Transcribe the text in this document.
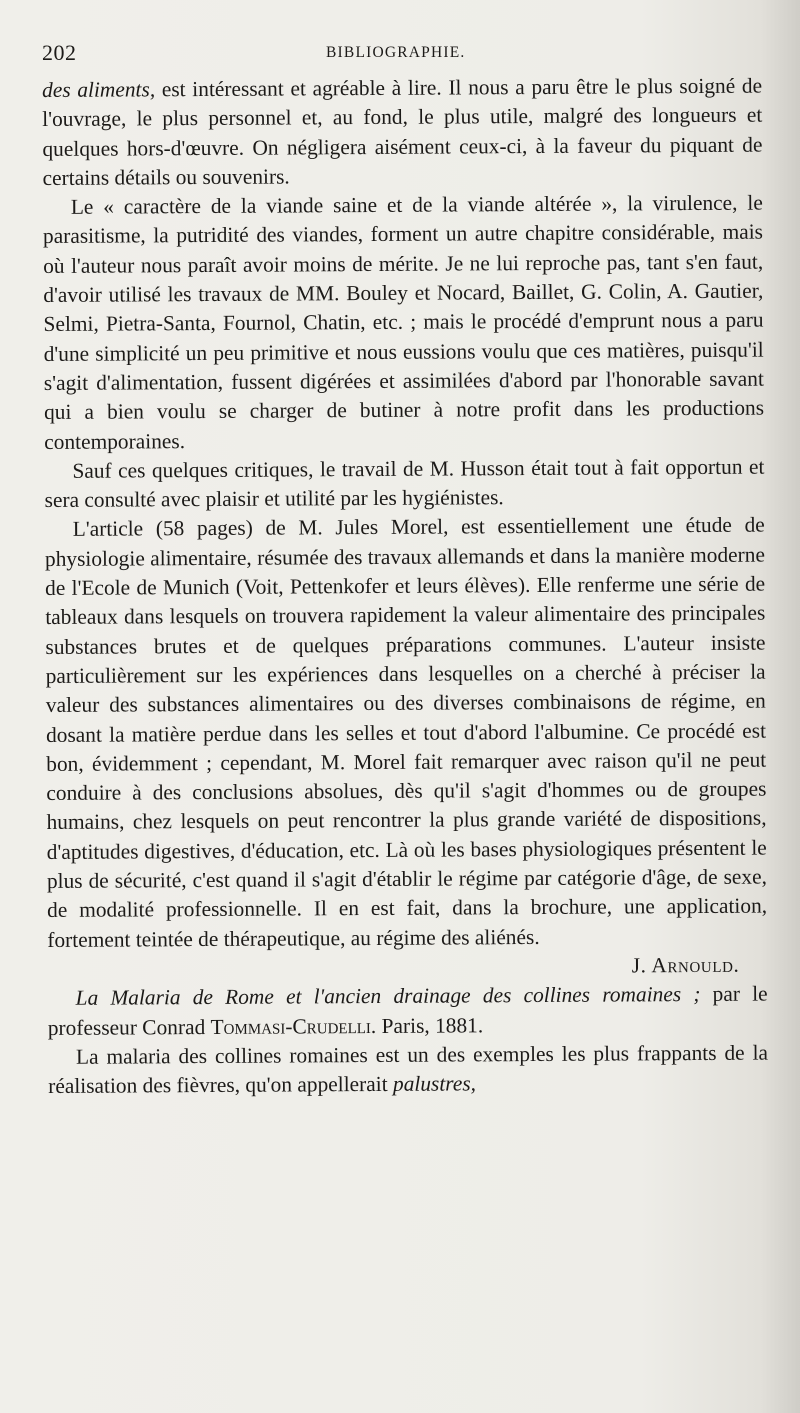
202	BIBLIOGRAPHIE.

des aliments, est intéressant et agréable à lire. Il nous a paru être le plus soigné de l'ouvrage, le plus personnel et, au fond, le plus utile, malgré des longueurs et quelques hors-d'œuvre. On négligera aisément ceux-ci, à la faveur du piquant de certains détails ou souvenirs.

Le « caractère de la viande saine et de la viande altérée », la virulence, le parasitisme, la putridité des viandes, forment un autre chapitre considérable, mais où l'auteur nous paraît avoir moins de mérite. Je ne lui reproche pas, tant s'en faut, d'avoir utilisé les travaux de MM. Bouley et Nocard, Baillet, G. Colin, A. Gautier, Selmi, Pietra-Santa, Fournol, Chatin, etc. ; mais le procédé d'emprunt nous a paru d'une simplicité un peu primitive et nous eussions voulu que ces matières, puisqu'il s'agit d'alimentation, fussent digérées et assimilées d'abord par l'honorable savant qui a bien voulu se charger de butiner à notre profit dans les productions contemporaines.

Sauf ces quelques critiques, le travail de M. Husson était tout à fait opportun et sera consulté avec plaisir et utilité par les hygiénistes.

L'article (58 pages) de M. Jules Morel, est essentiellement une étude de physiologie alimentaire, résumée des travaux allemands et dans la manière moderne de l'Ecole de Munich (Voit, Pettenkofer et leurs élèves). Elle renferme une série de tableaux dans lesquels on trouvera rapidement la valeur alimentaire des principales substances brutes et de quelques préparations communes. L'auteur insiste particulièrement sur les expériences dans lesquelles on a cherché à préciser la valeur des substances alimentaires ou des diverses combinaisons de régime, en dosant la matière perdue dans les selles et tout d'abord l'albumine. Ce procédé est bon, évidemment ; cependant, M. Morel fait remarquer avec raison qu'il ne peut conduire à des conclusions absolues, dès qu'il s'agit d'hommes ou de groupes humains, chez lesquels on peut rencontrer la plus grande variété de dispositions, d'aptitudes digestives, d'éducation, etc. Là où les bases physiologiques présentent le plus de sécurité, c'est quand il s'agit d'établir le régime par catégorie d'âge, de sexe, de modalité professionnelle. Il en est fait, dans la brochure, une application, fortement teintée de thérapeutique, au régime des aliénés.

J. Arnould.

La Malaria de Rome et l'ancien drainage des collines romaines ; par le professeur Conrad Tommasi-Crudelli. Paris, 1881.

La malaria des collines romaines est un des exemples les plus frappants de la réalisation des fièvres, qu'on appellerait palustres,
